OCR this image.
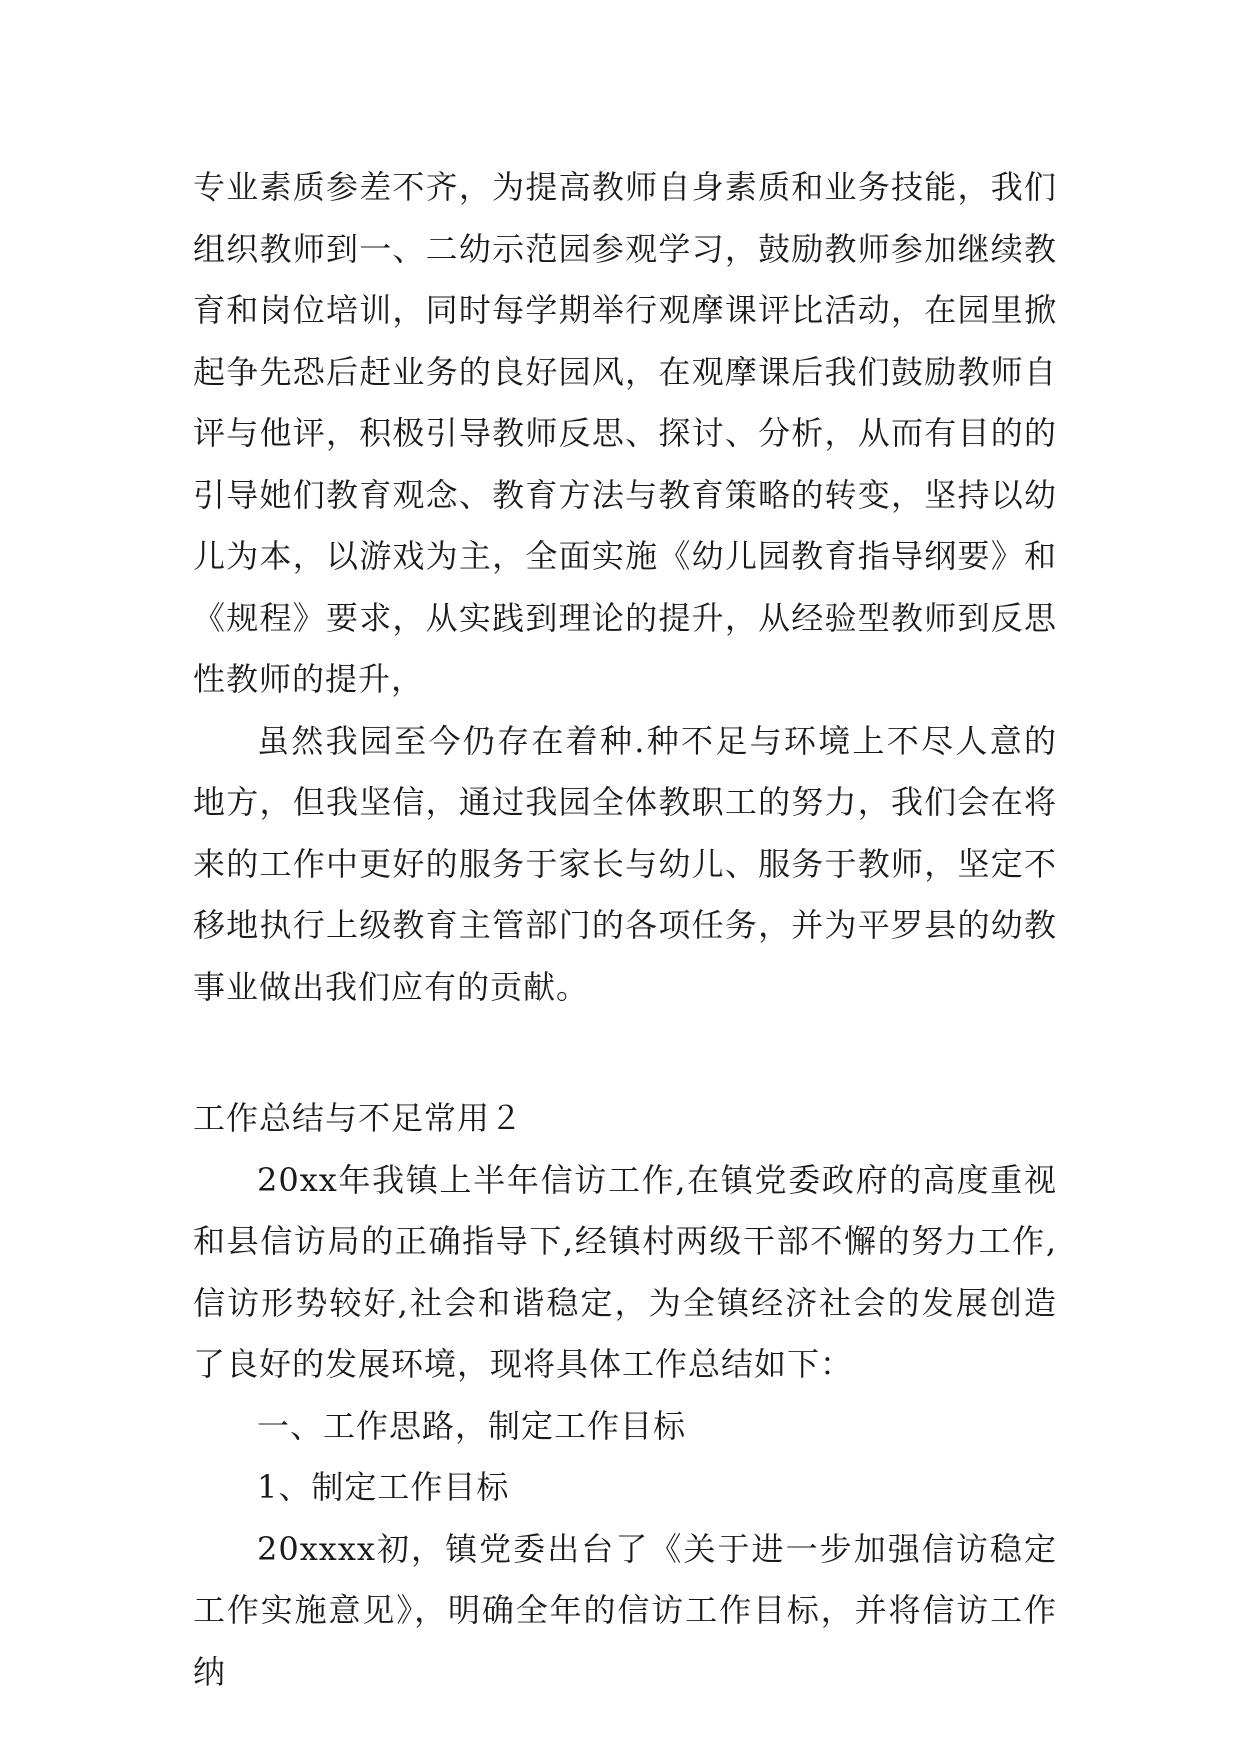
专业素质参差不齐，为提高教师自身素质和业务技能，我们组织教师到一、二幼示范园参观学习，鼓励教师参加继续教育和岗位培训，同时每学期举行观摩课评比活动，在园里掀起争先恐后赶业务的良好园风，在观摩课后我们鼓励教师自评与他评，积极引导教师反思、探讨、分析，从而有目的的引导她们教育观念、教育方法与教育策略的转变，坚持以幼儿为本，以游戏为主，全面实施《幼儿园教育指导纲要》和《规程》要求，从实践到理论的提升，从经验型教师到反思性教师的提升，

虽然我园至今仍存在着种.种不足与环境上不尽人意的地方，但我坚信，通过我园全体教职工的努力，我们会在将来的工作中更好的服务于家长与幼儿、服务于教师，坚定不移地执行上级教育主管部门的各项任务，并为平罗县的幼教事业做出我们应有的贡献。

工作总结与不足常用２

20xx年我镇上半年信访工作,在镇党委政府的高度重视和县信访局的正确指导下,经镇村两级干部不懈的努力工作,信访形势较好,社会和谐稳定，为全镇经济社会的发展创造了良好的发展环境，现将具体工作总结如下：

一、工作思路，制定工作目标

1、制定工作目标

20xxxx初，镇党委出台了《关于进一步加强信访稳定工作实施意见》，明确全年的信访工作目标，并将信访工作纳
